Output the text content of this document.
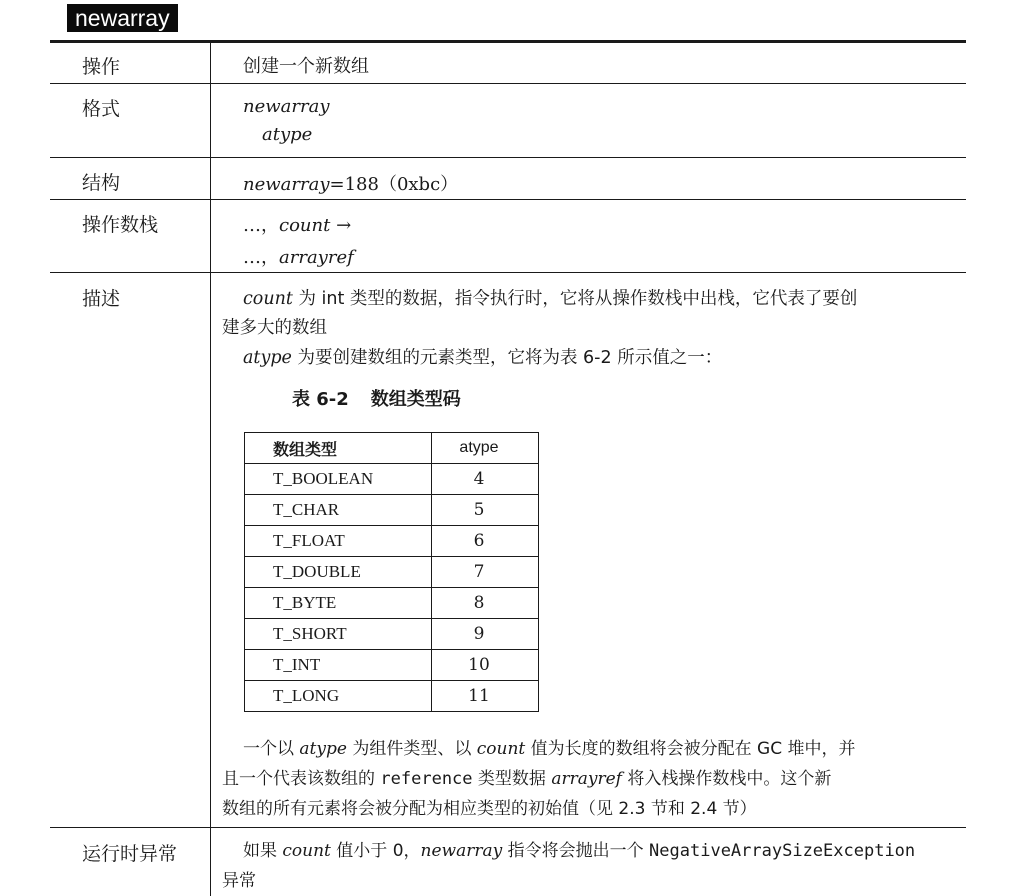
newarray
操作	创建一个新数组
格式	newarray
atype
结构	newarray=188（0xbc）
操作数栈	…，count →
…，arrayref
描述	count 为 int 类型的数据，指令执行时，它将从操作数栈中出栈，它代表了要创
建多大的数组
atype 为要创建数组的元素类型，它将为表 6-2 所示值之一：
表 6-2 数组类型码
数组类型	atype
T_BOOLEAN	4
T_CHAR	5
T_FLOAT	6
T_DOUBLE	7
T_BYTE	8
T_SHORT	9
T_INT	10
T_LONG	11
一个以 atype 为组件类型、以 count 值为长度的数组将会被分配在 GC 堆中，并
且一个代表该数组的 reference 类型数据 arrayref 将入栈操作数栈中。这个新
数组的所有元素将会被分配为相应类型的初始值（见 2.3 节和 2.4 节）
运行时异常	如果 count 值小于 0，newarray 指令将会抛出一个 NegativeArraySizeException
异常
